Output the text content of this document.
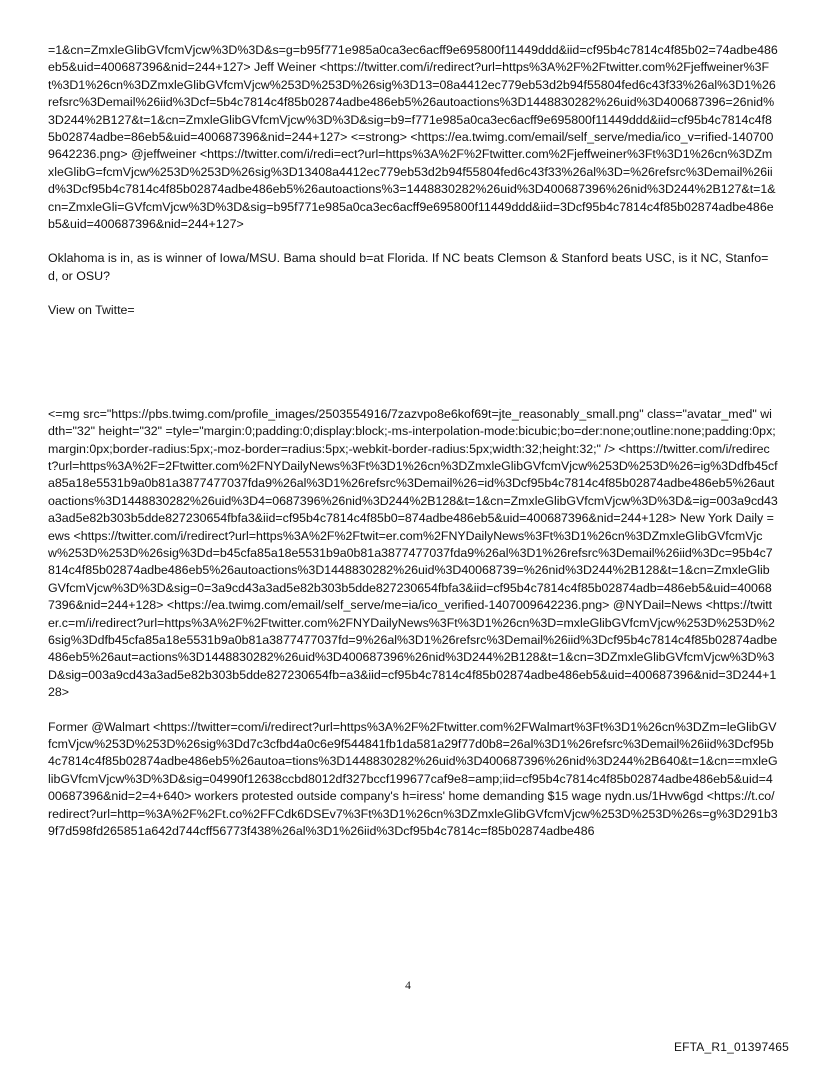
=1&cn=ZmxleGlibGVfcmVjcw%3D%3D&s=g=b95f771e985a0ca3ec6acff9e695800f11449ddd&iid=cf95b4c7814c4f85b02=74adbe486eb5&uid=400687396&nid=244+127> Jeff Weiner <https://twitter.com/i/redirect?url=https%3A%2F%2Ftwitter.com%2Fjeffweiner%3Ft%3D1%26cn%3DZmxleGlibGVfcmVjcw%253D%253D%26sig%3D13=08a4412ec779eb53d2b94f55804fed6c43f33%26al%3D1%26refsrc%3Demail%26iid%3Dcf=5b4c7814c4f85b02874adbe486eb5%26autoactions%3D1448830282%26uid%3D400687396=26nid%3D244%2B127&t=1&cn=ZmxleGlibGVfcmVjcw%3D%3D&sig=b9=f771e985a0ca3ec6acff9e695800f11449ddd&iid=cf95b4c7814c4f85b02874adbe=86eb5&uid=400687396&nid=244+127> <=strong> <https://ea.twimg.com/email/self_serve/media/ico_v=rified-1407009642236.png> @jeffweiner <https://twitter.com/i/redi=ect?url=https%3A%2F%2Ftwitter.com%2Fjeffweiner%3Ft%3D1%26cn%3DZmxleGlibG=fcmVjcw%253D%253D%26sig%3D13408a4412ec779eb53d2b94f55804fed6c43f33%26al%3D=%26refsrc%3Demail%26iid%3Dcf95b4c7814c4f85b02874adbe486eb5%26autoactions%3=1448830282%26uid%3D400687396%26nid%3D244%2B127&t=1&cn=ZmxleGli=GVfcmVjcw%3D%3D&sig=b95f771e985a0ca3ec6acff9e695800f11449ddd&iid=3Dcf95b4c7814c4f85b02874adbe486eb5&uid=400687396&nid=244+127>

Oklahoma is in, as is winner of Iowa/MSU. Bama should b=at Florida. If NC beats Clemson & Stanford beats USC, is it NC, Stanfo=d, or OSU?

View on Twitte=

<=mg src="https://pbs.twimg.com/profile_images/2503554916/7zazvpo8e6kof69t=jte_reasonably_small.png" class="avatar_med" width="32" height="32" =tyle="margin:0;padding:0;display:block;-ms-interpolation-mode:bicubic;bo=der:none;outline:none;padding:0px;margin:0px;border-radius:5px;-moz-border=radius:5px;-webkit-border-radius:5px;width:32;height:32;" /> <https://twitter.com/i/redirect?url=https%3A%2F=2Ftwitter.com%2FNYDailyNews%3Ft%3D1%26cn%3DZmxleGlibGVfcmVjcw%253D%253D%26=ig%3Ddfb45cfa85a18e5531b9a0b81a3877477037fda9%26al%3D1%26refsrc%3Demail%26=id%3Dcf95b4c7814c4f85b02874adbe486eb5%26autoactions%3D1448830282%26uid%3D4=0687396%26nid%3D244%2B128&t=1&cn=ZmxleGlibGVfcmVjcw%3D%3D&=ig=003a9cd43a3ad5e82b303b5dde827230654fbfa3&iid=cf95b4c7814c4f85b0=874adbe486eb5&uid=400687396&nid=244+128> New York Daily =ews <https://twitter.com/i/redirect?url=https%3A%2F%2Ftwit=er.com%2FNYDailyNews%3Ft%3D1%26cn%3DZmxleGlibGVfcmVjcw%253D%253D%26sig%3Dd=b45cfa85a18e5531b9a0b81a3877477037fda9%26al%3D1%26refsrc%3Demail%26iid%3Dc=95b4c7814c4f85b02874adbe486eb5%26autoactions%3D1448830282%26uid%3D40068739=%26nid%3D244%2B128&t=1&cn=ZmxleGlibGVfcmVjcw%3D%3D&sig=0=3a9cd43a3ad5e82b303b5dde827230654fbfa3&iid=cf95b4c7814c4f85b02874adb=486eb5&uid=400687396&nid=244+128> <https://ea.twimg.com/email/self_serve/me=ia/ico_verified-1407009642236.png> @NYDail=News <https://twitter.c=m/i/redirect?url=https%3A%2F%2Ftwitter.com%2FNYDailyNews%3Ft%3D1%26cn%3D=mxleGlibGVfcmVjcw%253D%253D%26sig%3Ddfb45cfa85a18e5531b9a0b81a3877477037fd=9%26al%3D1%26refsrc%3Demail%26iid%3Dcf95b4c7814c4f85b02874adbe486eb5%26aut=actions%3D1448830282%26uid%3D400687396%26nid%3D244%2B128&t=1&cn=3DZmxleGlibGVfcmVjcw%3D%3D&sig=003a9cd43a3ad5e82b303b5dde827230654fb=a3&iid=cf95b4c7814c4f85b02874adbe486eb5&uid=400687396&nid=3D244+128>

Former @Walmart <https://twitter=com/i/redirect?url=https%3A%2F%2Ftwitter.com%2FWalmart%3Ft%3D1%26cn%3DZm=leGlibGVfcmVjcw%253D%253D%26sig%3Dd7c3cfbd4a0c6e9f544841fb1da581a29f77d0b8=26al%3D1%26refsrc%3Demail%26iid%3Dcf95b4c7814c4f85b02874adbe486eb5%26autoa=tions%3D1448830282%26uid%3D400687396%26nid%3D244%2B640&t=1&cn==mxleGlibGVfcmVjcw%3D%3D&sig=04990f12638ccbd8012df327bccf199677caf9e8=amp;iid=cf95b4c7814c4f85b02874adbe486eb5&uid=400687396&nid=2=4+640> workers protested outside company's h=iress' home demanding $15 wage nydn.us/1Hvw6gd <https://t.co/redirect?url=http=%3A%2F%2Ft.co%2FFCdk6DSEv7%3Ft%3D1%26cn%3DZmxleGlibGVfcmVjcw%253D%253D%26s=g%3D291b39f7d598fd265851a642d744cff56773f438%26al%3D1%26iid%3Dcf95b4c7814c=f85b02874adbe486

4
EFTA_R1_01397465
